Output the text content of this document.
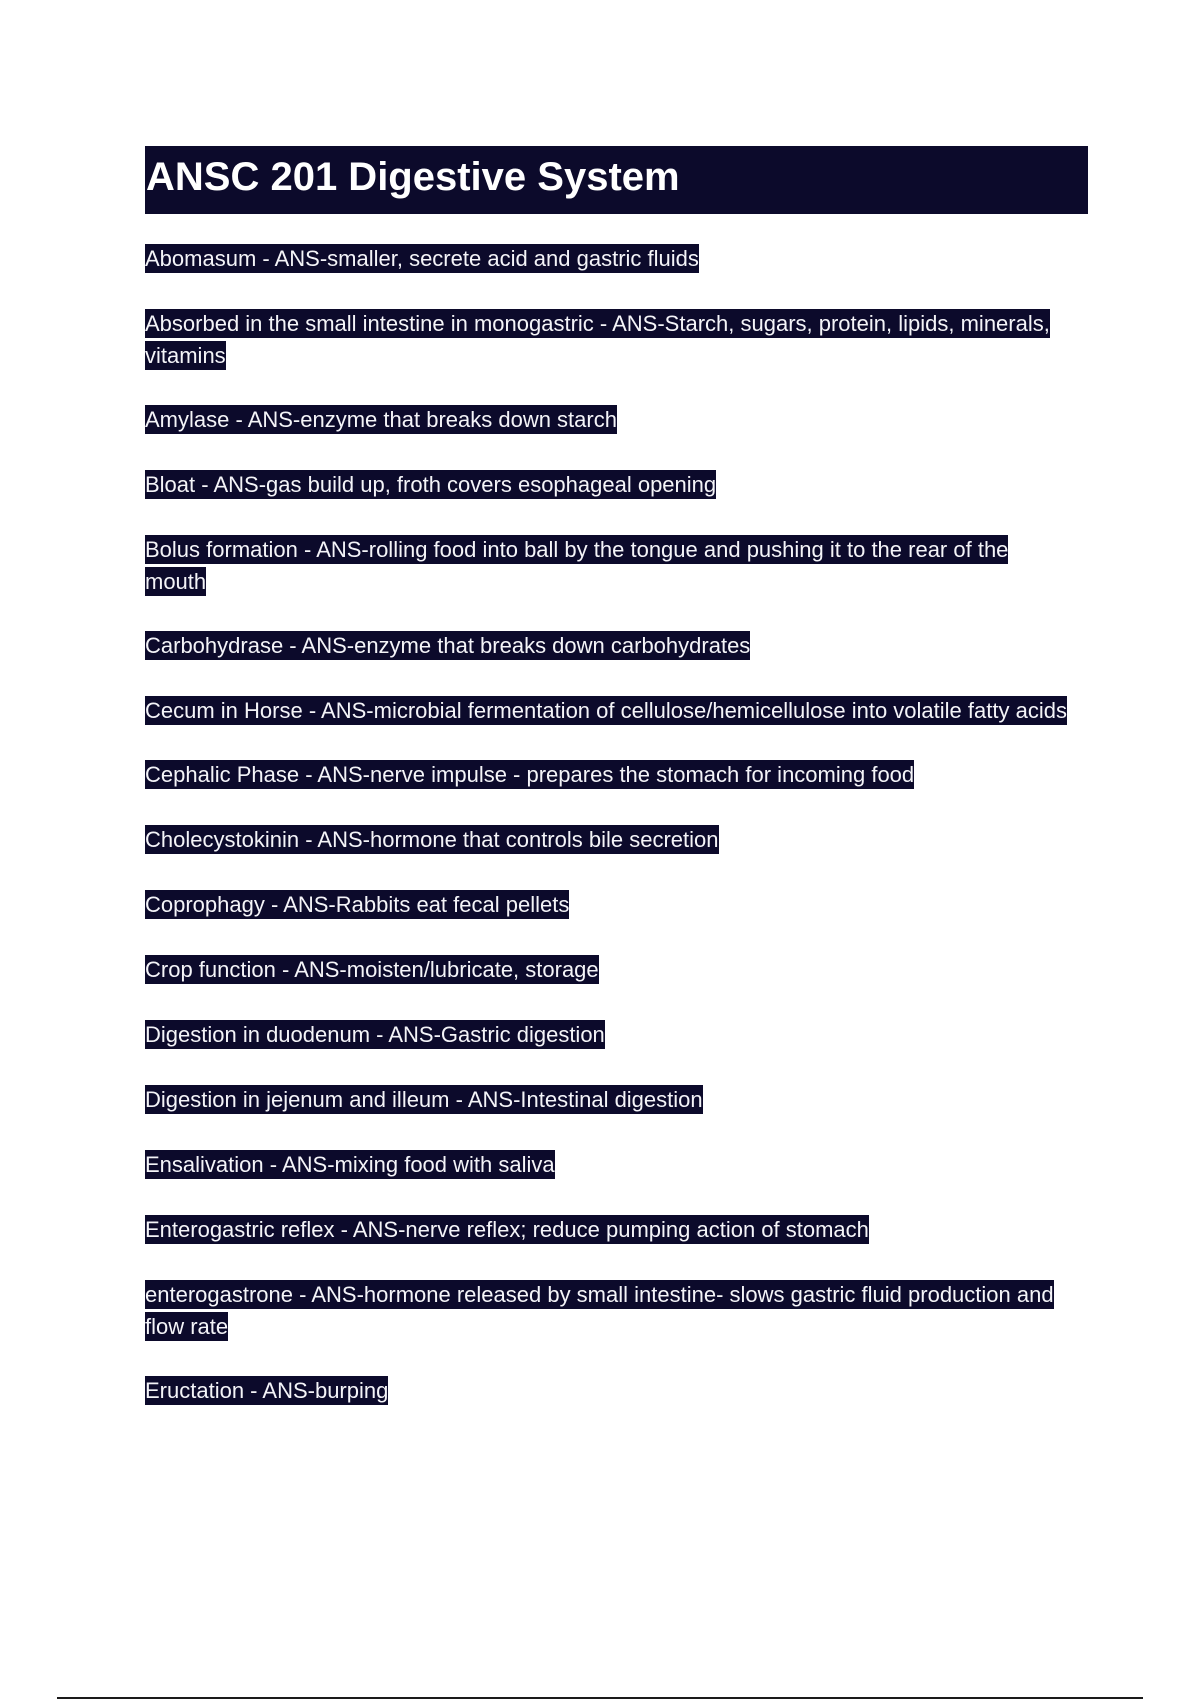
ANSC 201 Digestive System

Abomasum - ANS-smaller, secrete acid and gastric fluids

Absorbed in the small intestine in monogastric - ANS-Starch, sugars, protein, lipids, minerals, vitamins

Amylase - ANS-enzyme that breaks down starch

Bloat - ANS-gas build up, froth covers esophageal opening

Bolus formation - ANS-rolling food into ball by the tongue and pushing it to the rear of the mouth

Carbohydrase - ANS-enzyme that breaks down carbohydrates

Cecum in Horse - ANS-microbial fermentation of cellulose/hemicellulose into volatile fatty acids

Cephalic Phase - ANS-nerve impulse - prepares the stomach for incoming food

Cholecystokinin - ANS-hormone that controls bile secretion

Coprophagy - ANS-Rabbits eat fecal pellets

Crop function - ANS-moisten/lubricate, storage

Digestion in duodenum - ANS-Gastric digestion

Digestion in jejenum and illeum - ANS-Intestinal digestion

Ensalivation - ANS-mixing food with saliva

Enterogastric reflex - ANS-nerve reflex; reduce pumping action of stomach

enterogastrone - ANS-hormone released by small intestine- slows gastric fluid production and flow rate

Eructation - ANS-burping
